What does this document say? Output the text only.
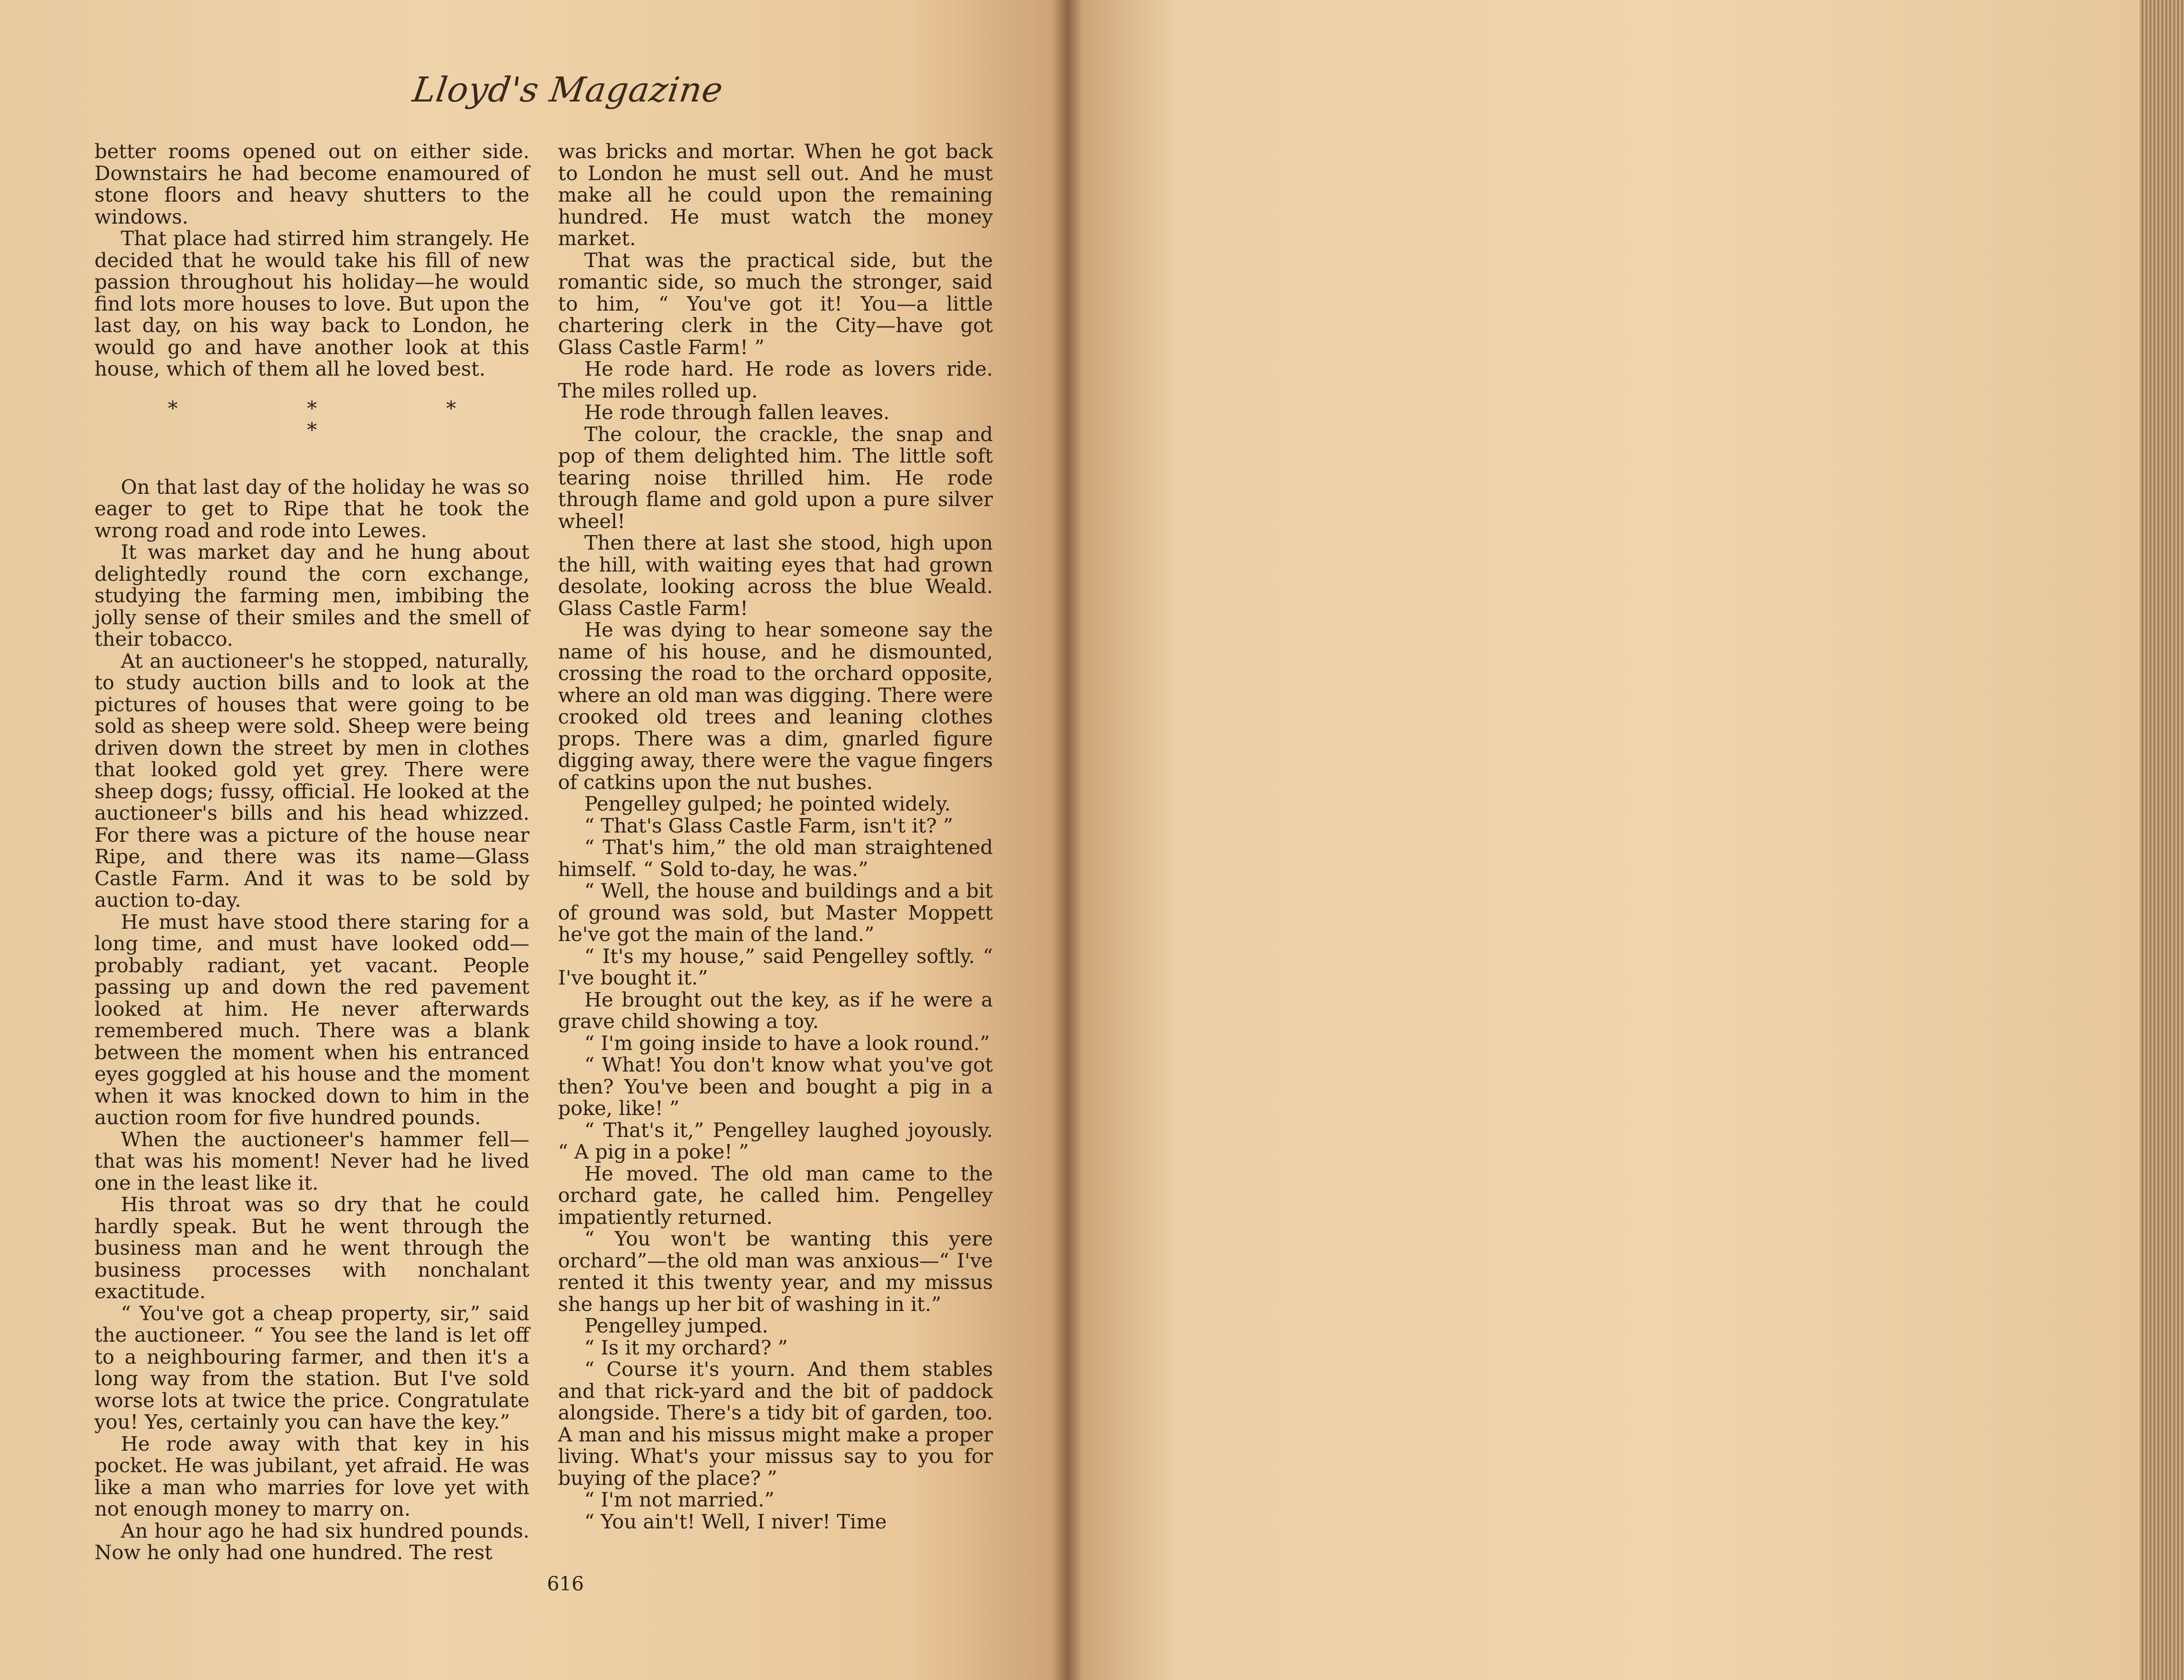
Lloyd's Magazine

better rooms opened out on either side. Downstairs he had become enamoured of stone floors and heavy shutters to the windows.

That place had stirred him strangely. He decided that he would take his fill of new passion throughout his holiday—he would find lots more houses to love. But upon the last day, on his way back to London, he would go and have another look at this house, which of them all he loved best.

* * * *

On that last day of the holiday he was so eager to get to Ripe that he took the wrong road and rode into Lewes.

It was market day and he hung about delightedly round the corn exchange, studying the farming men, imbibing the jolly sense of their smiles and the smell of their tobacco.

At an auctioneer's he stopped, naturally, to study auction bills and to look at the pictures of houses that were going to be sold as sheep were sold. Sheep were being driven down the street by men in clothes that looked gold yet grey. There were sheep dogs; fussy, official. He looked at the auctioneer's bills and his head whizzed. For there was a picture of the house near Ripe, and there was its name—Glass Castle Farm. And it was to be sold by auction to-day.

He must have stood there staring for a long time, and must have looked odd—probably radiant, yet vacant. People passing up and down the red pavement looked at him. He never afterwards remembered much. There was a blank between the moment when his entranced eyes goggled at his house and the moment when it was knocked down to him in the auction room for five hundred pounds.

When the auctioneer's hammer fell—that was his moment! Never had he lived one in the least like it.

His throat was so dry that he could hardly speak. But he went through the business man and he went through the business processes with nonchalant exactitude.

“ You've got a cheap property, sir,” said the auctioneer. “ You see the land is let off to a neighbouring farmer, and then it's a long way from the station. But I've sold worse lots at twice the price. Congratulate you! Yes, certainly you can have the key.”

He rode away with that key in his pocket. He was jubilant, yet afraid. He was like a man who marries for love yet with not enough money to marry on.

An hour ago he had six hundred pounds. Now he only had one hundred. The rest

was bricks and mortar. When he got back to London he must sell out. And he must make all he could upon the remaining hundred. He must watch the money market.

That was the practical side, but the romantic side, so much the stronger, said to him, “ You've got it! You—a little chartering clerk in the City—have got Glass Castle Farm! ”

He rode hard. He rode as lovers ride. The miles rolled up.

He rode through fallen leaves.

The colour, the crackle, the snap and pop of them delighted him. The little soft tearing noise thrilled him. He rode through flame and gold upon a pure silver wheel!

Then there at last she stood, high upon the hill, with waiting eyes that had grown desolate, looking across the blue Weald. Glass Castle Farm!

He was dying to hear someone say the name of his house, and he dismounted, crossing the road to the orchard opposite, where an old man was digging. There were crooked old trees and leaning clothes props. There was a dim, gnarled figure digging away, there were the vague fingers of catkins upon the nut bushes.

Pengelley gulped; he pointed widely.

“ That's Glass Castle Farm, isn't it? ”

“ That's him,” the old man straightened himself. “ Sold to-day, he was.”

“ Well, the house and buildings and a bit of ground was sold, but Master Moppett he've got the main of the land.”

“ It's my house,” said Pengelley softly. “ I've bought it.”

He brought out the key, as if he were a grave child showing a toy.

“ I'm going inside to have a look round.”

“ What! You don't know what you've got then? You've been and bought a pig in a poke, like! ”

“ That's it,” Pengelley laughed joyously. “ A pig in a poke! ”

He moved. The old man came to the orchard gate, he called him. Pengelley impatiently returned.

“ You won't be wanting this yere orchard”—the old man was anxious—“ I've rented it this twenty year, and my missus she hangs up her bit of washing in it.”

Pengelley jumped.

“ Is it my orchard? ”

“ Course it's yourn. And them stables and that rick-yard and the bit of paddock alongside. There's a tidy bit of garden, too. A man and his missus might make a proper living. What's your missus say to you for buying of the place? ”

“ I'm not married.”

“ You ain't! Well, I niver! Time

616
